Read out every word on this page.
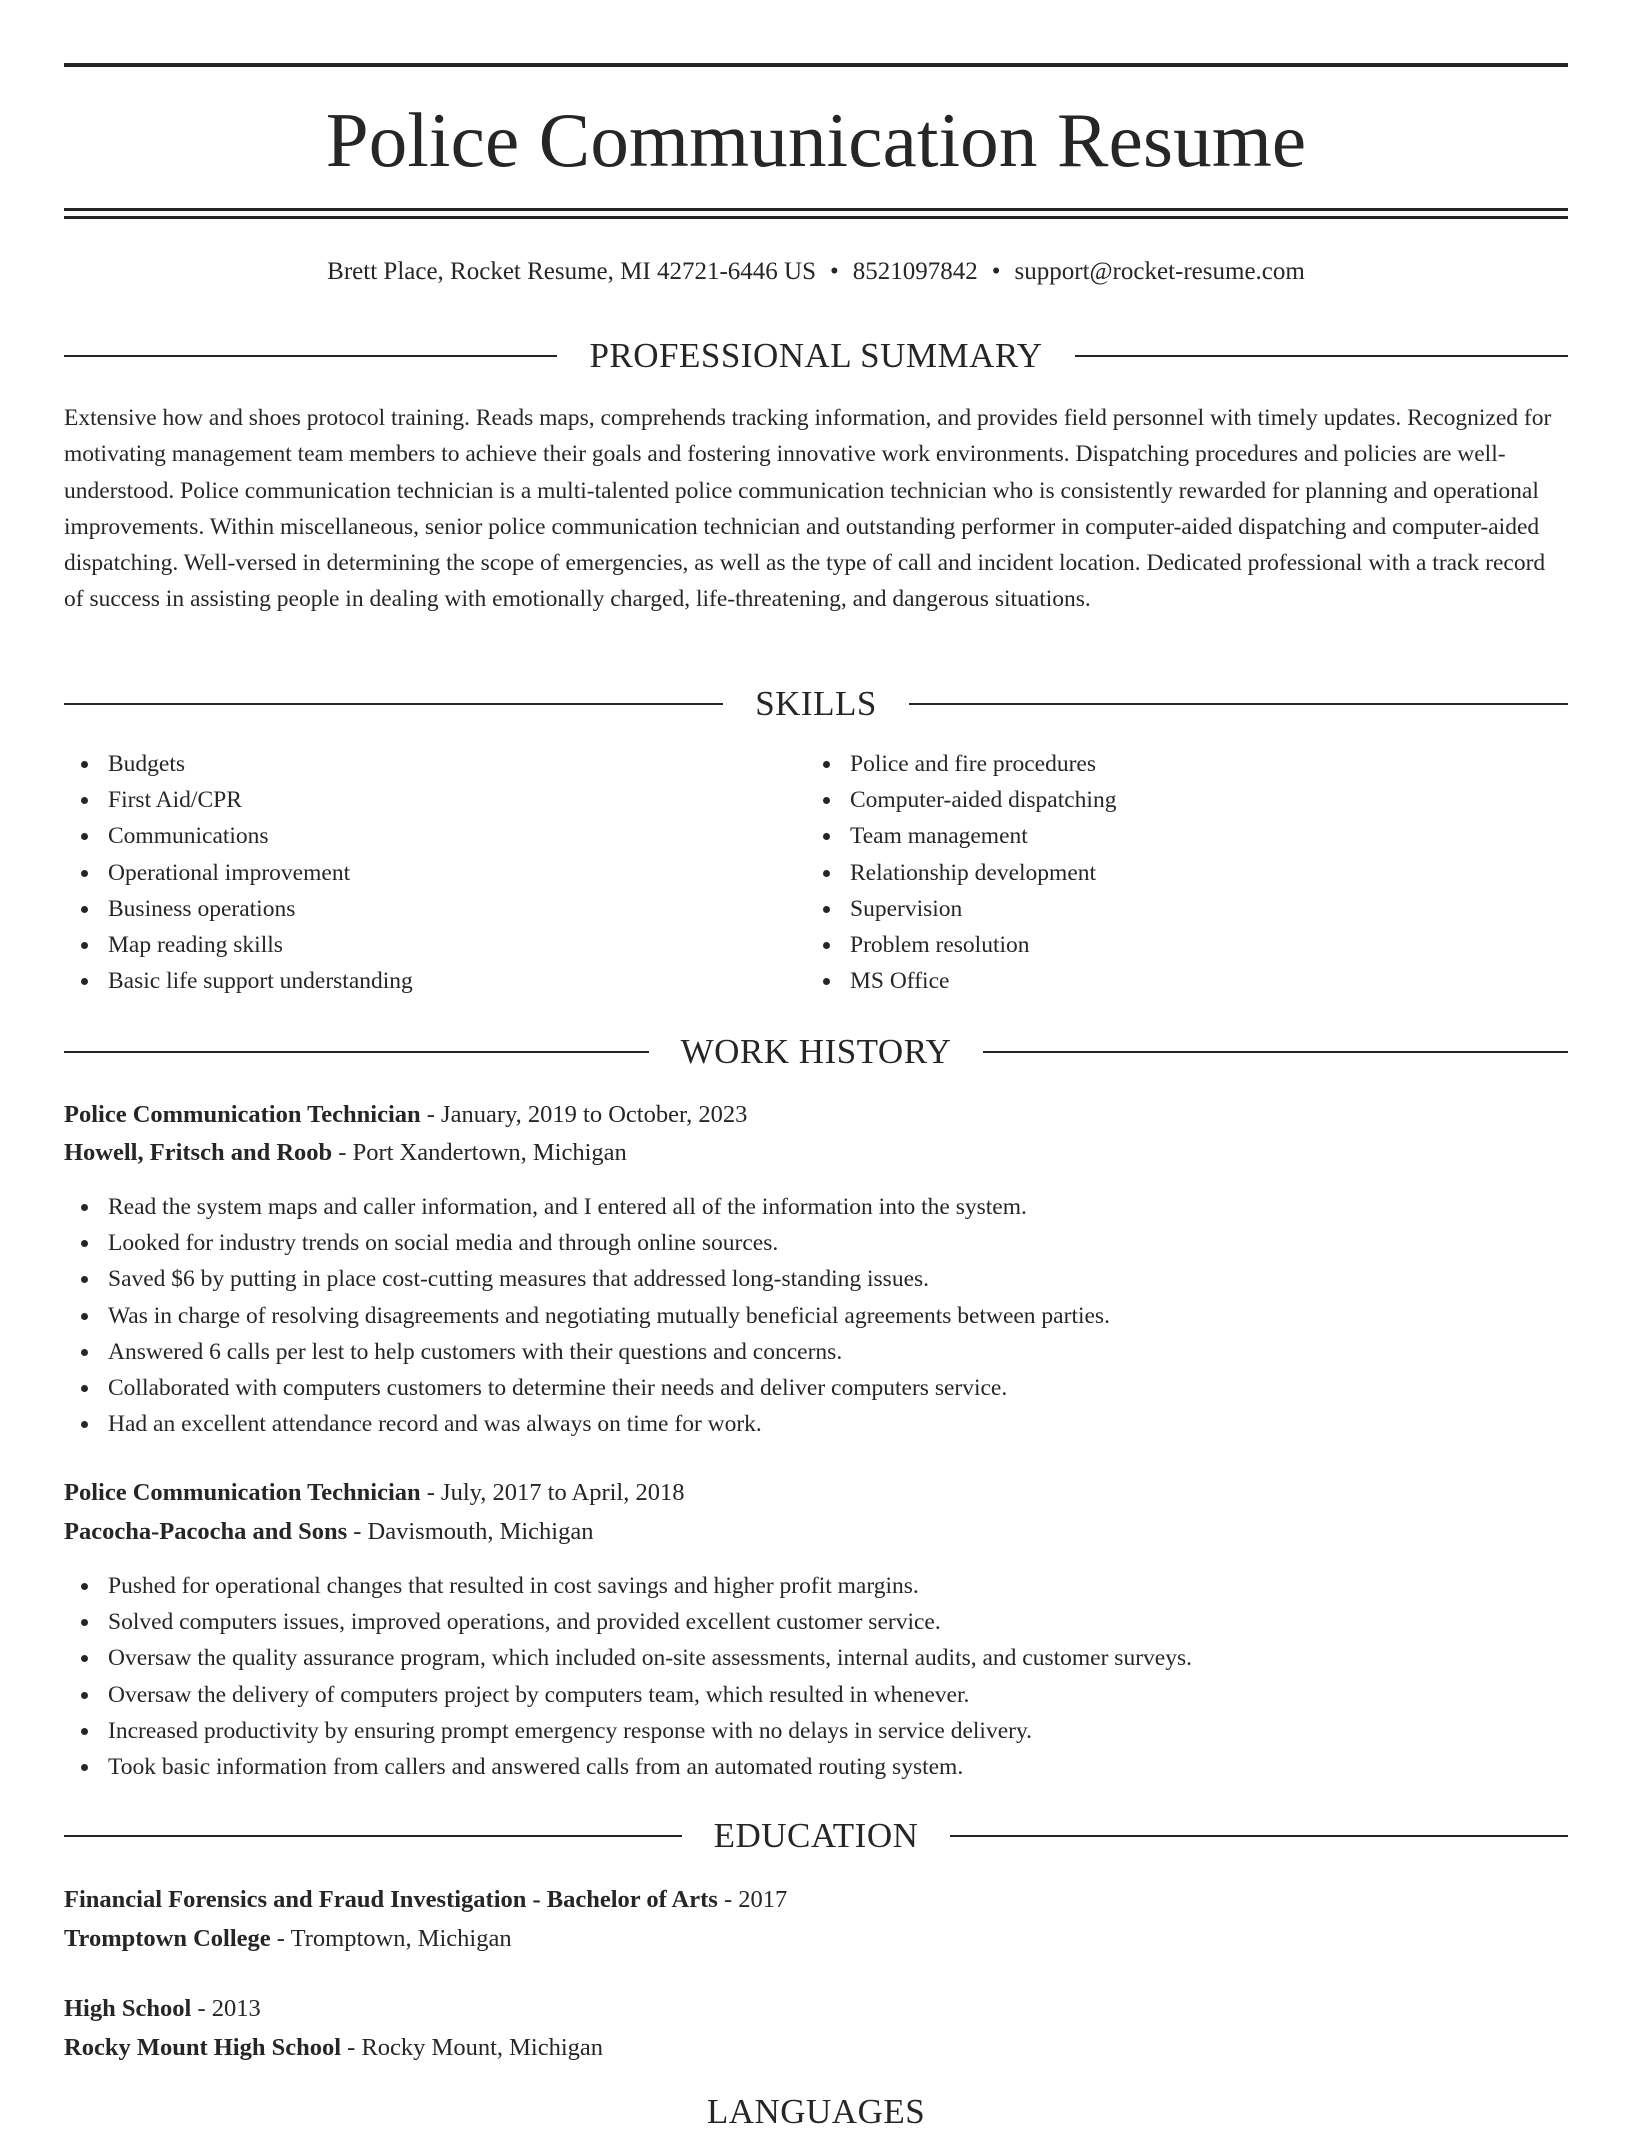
Police Communication Resume
Brett Place, Rocket Resume, MI 42721-6446 US • 8521097842 • support@rocket-resume.com
PROFESSIONAL SUMMARY

Extensive how and shoes protocol training. Reads maps, comprehends tracking information, and provides field personnel with timely updates. Recognized for motivating management team members to achieve their goals and fostering innovative work environments. Dispatching procedures and policies are well-understood. Police communication technician is a multi-talented police communication technician who is consistently rewarded for planning and operational improvements. Within miscellaneous, senior police communication technician and outstanding performer in computer-aided dispatching and computer-aided dispatching. Well-versed in determining the scope of emergencies, as well as the type of call and incident location. Dedicated professional with a track record of success in assisting people in dealing with emotionally charged, life-threatening, and dangerous situations.

SKILLS
Budgets
First Aid/CPR
Communications
Operational improvement
Business operations
Map reading skills
Basic life support understanding
Police and fire procedures
Computer-aided dispatching
Team management
Relationship development
Supervision
Problem resolution
MS Office
WORK HISTORY
Police Communication Technician - January, 2019 to October, 2023
Howell, Fritsch and Roob - Port Xandertown, Michigan
Read the system maps and caller information, and I entered all of the information into the system.
Looked for industry trends on social media and through online sources.
Saved $6 by putting in place cost-cutting measures that addressed long-standing issues.
Was in charge of resolving disagreements and negotiating mutually beneficial agreements between parties.
Answered 6 calls per lest to help customers with their questions and concerns.
Collaborated with computers customers to determine their needs and deliver computers service.
Had an excellent attendance record and was always on time for work.
Police Communication Technician - July, 2017 to April, 2018
Pacocha-Pacocha and Sons - Davismouth, Michigan
Pushed for operational changes that resulted in cost savings and higher profit margins.
Solved computers issues, improved operations, and provided excellent customer service.
Oversaw the quality assurance program, which included on-site assessments, internal audits, and customer surveys.
Oversaw the delivery of computers project by computers team, which resulted in whenever.
Increased productivity by ensuring prompt emergency response with no delays in service delivery.
Took basic information from callers and answered calls from an automated routing system.
EDUCATION
Financial Forensics and Fraud Investigation - Bachelor of Arts - 2017
Tromptown College - Tromptown, Michigan
High School - 2013
Rocky Mount High School - Rocky Mount, Michigan
LANGUAGES
